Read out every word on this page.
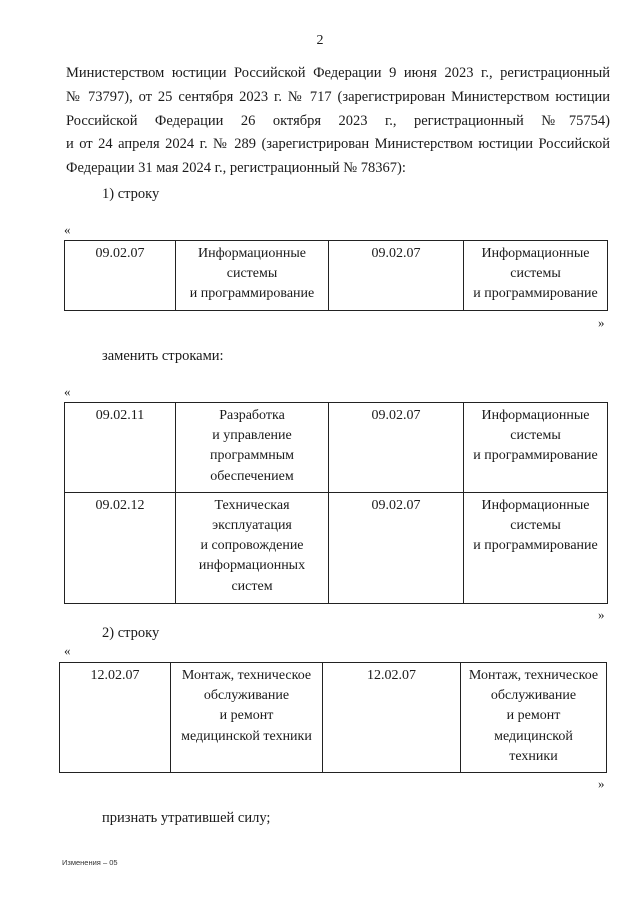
2
Министерством юстиции Российской Федерации 9 июня 2023 г., регистрационный
№ 73797), от 25 сентября 2023 г. № 717 (зарегистрирован Министерством юстиции
Российской Федерации 26 октября 2023 г., регистрационный №75754)
и от 24 апреля 2024 г. № 289 (зарегистрирован Министерством юстиции Российской
Федерации 31 мая 2024 г., регистрационный № 78367):
1) строку
«
09.02.07	Информационные
системы
и программирование	09.02.07	Информационные
системы
и программирование
»
заменить строками:
«
09.02.11	Разработка
и управление
программным
обеспечением	09.02.07	Информационные
системы
и программирование
09.02.12	Техническая
эксплуатация
и сопровождение
информационных
систем	09.02.07	Информационные
системы
и программирование
»
2) строку
«
12.02.07	Монтаж, техническое
обслуживание
и ремонт
медицинской техники	12.02.07	Монтаж, техническое
обслуживание
и ремонт
медицинской
техники
»
признать утратившей силу;
Изменения – 05
